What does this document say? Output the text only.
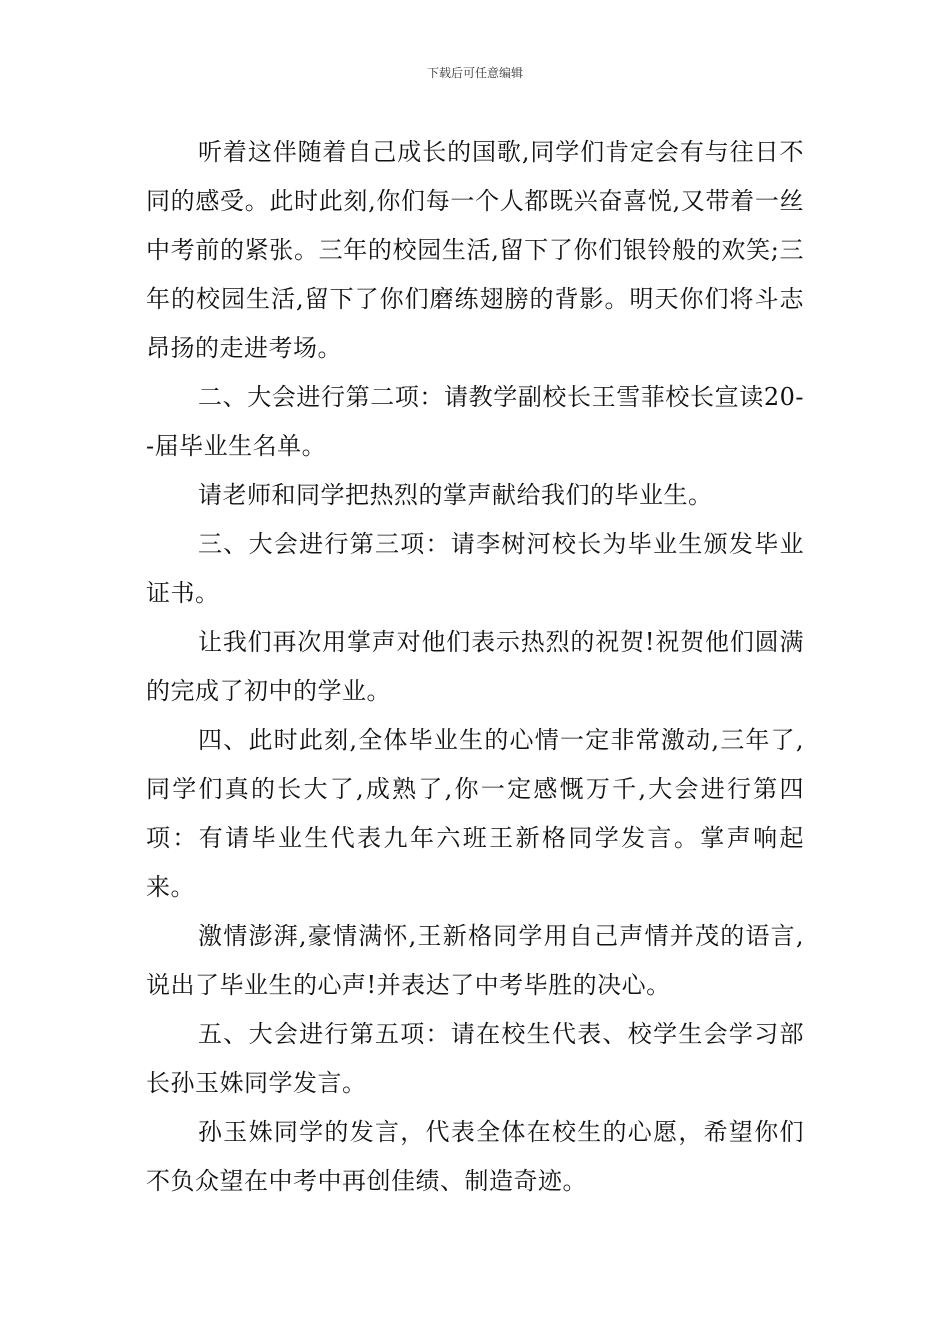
下载后可任意编辑

听着这伴随着自己成长的国歌,同学们肯定会有与往日不同的感受。此时此刻,你们每一个人都既兴奋喜悦,又带着一丝中考前的紧张。三年的校园生活,留下了你们银铃般的欢笑;三年的校园生活,留下了你们磨练翅膀的背影。明天你们将斗志昂扬的走进考场。

二、大会进行第二项：请教学副校长王雪菲校长宣读20--届毕业生名单。

请老师和同学把热烈的掌声献给我们的毕业生。

三、大会进行第三项：请李树河校长为毕业生颁发毕业证书。

让我们再次用掌声对他们表示热烈的祝贺!祝贺他们圆满的完成了初中的学业。

四、此时此刻,全体毕业生的心情一定非常激动,三年了,同学们真的长大了,成熟了,你一定感慨万千,大会进行第四项：有请毕业生代表九年六班王新格同学发言。掌声响起来。

激情澎湃,豪情满怀,王新格同学用自己声情并茂的语言,说出了毕业生的心声!并表达了中考毕胜的决心。

五、大会进行第五项：请在校生代表、校学生会学习部长孙玉姝同学发言。

孙玉姝同学的发言，代表全体在校生的心愿，希望你们不负众望在中考中再创佳绩、制造奇迹。
